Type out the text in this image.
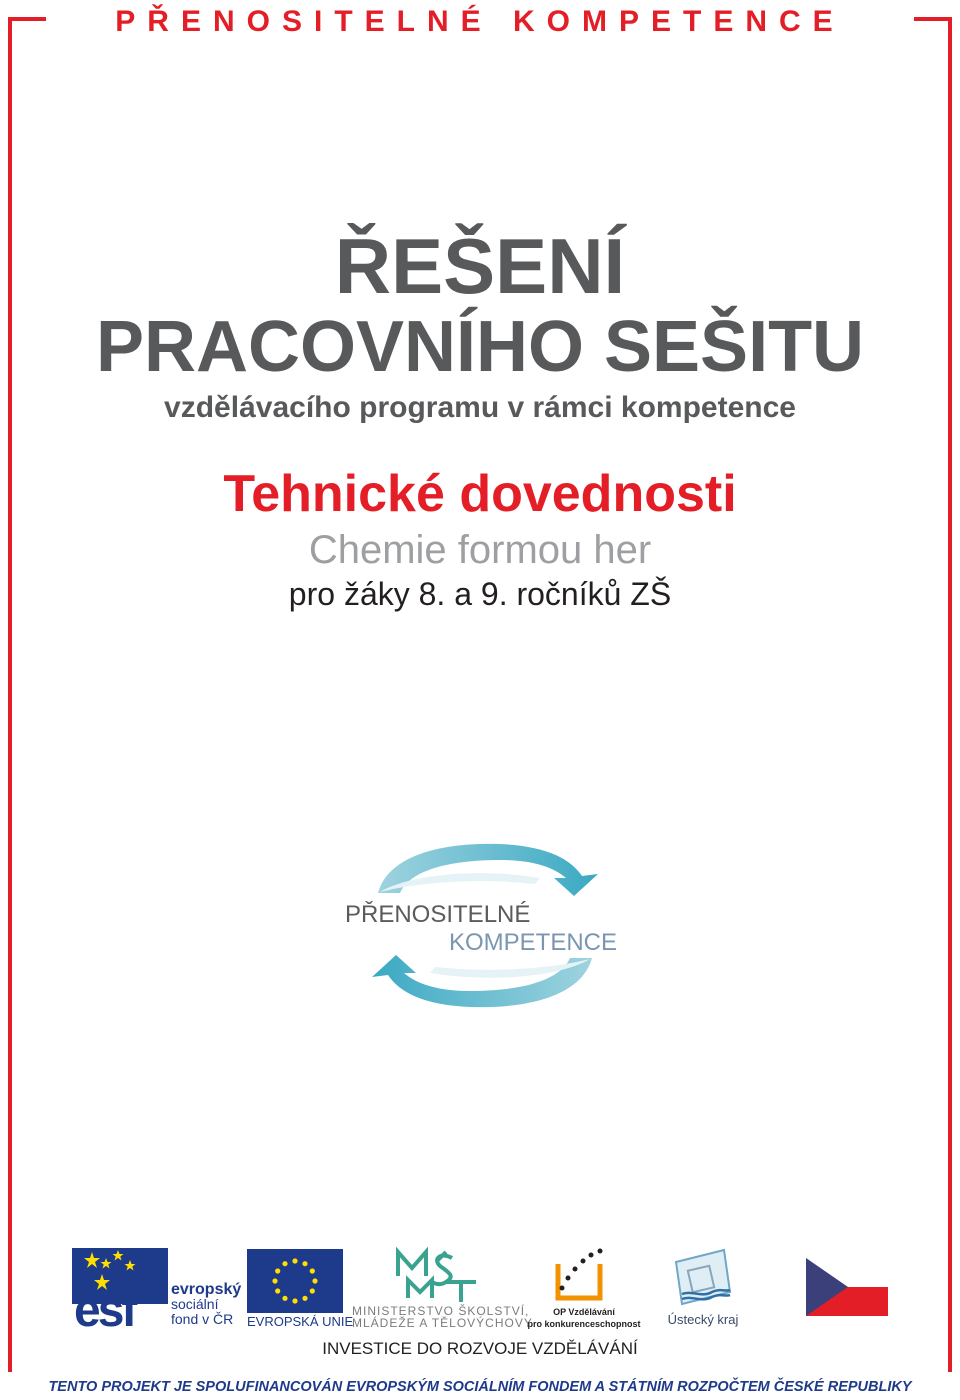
PŘENOSITELNÉ KOMPETENCE
ŘEŠENÍ
PRACOVNÍHO SEŠITU
vzdělávacího programu v rámci kompetence
Tehnické dovednosti
Chemie formou her
pro žáky 8. a 9. ročníků ZŠ
PŘENOSITELNÉ
KOMPETENCE
esf evropský
sociální
fond v ČR	EVROPSKÁ UNIE
MINISTERSTVO ŠKOLSTVÍ,
MLÁDEŽE A TĚLOVÝCHOVY
OP Vzdělávání
pro konkurenceschopnost	Ústecký kraj
INVESTICE DO ROZVOJE VZDĚLÁVÁNÍ
TENTO PROJEKT JE SPOLUFINANCOVÁN EVROPSKÝM SOCIÁLNÍM FONDEM A STÁTNÍM ROZPOČTEM ČESKÉ REPUBLIKY
